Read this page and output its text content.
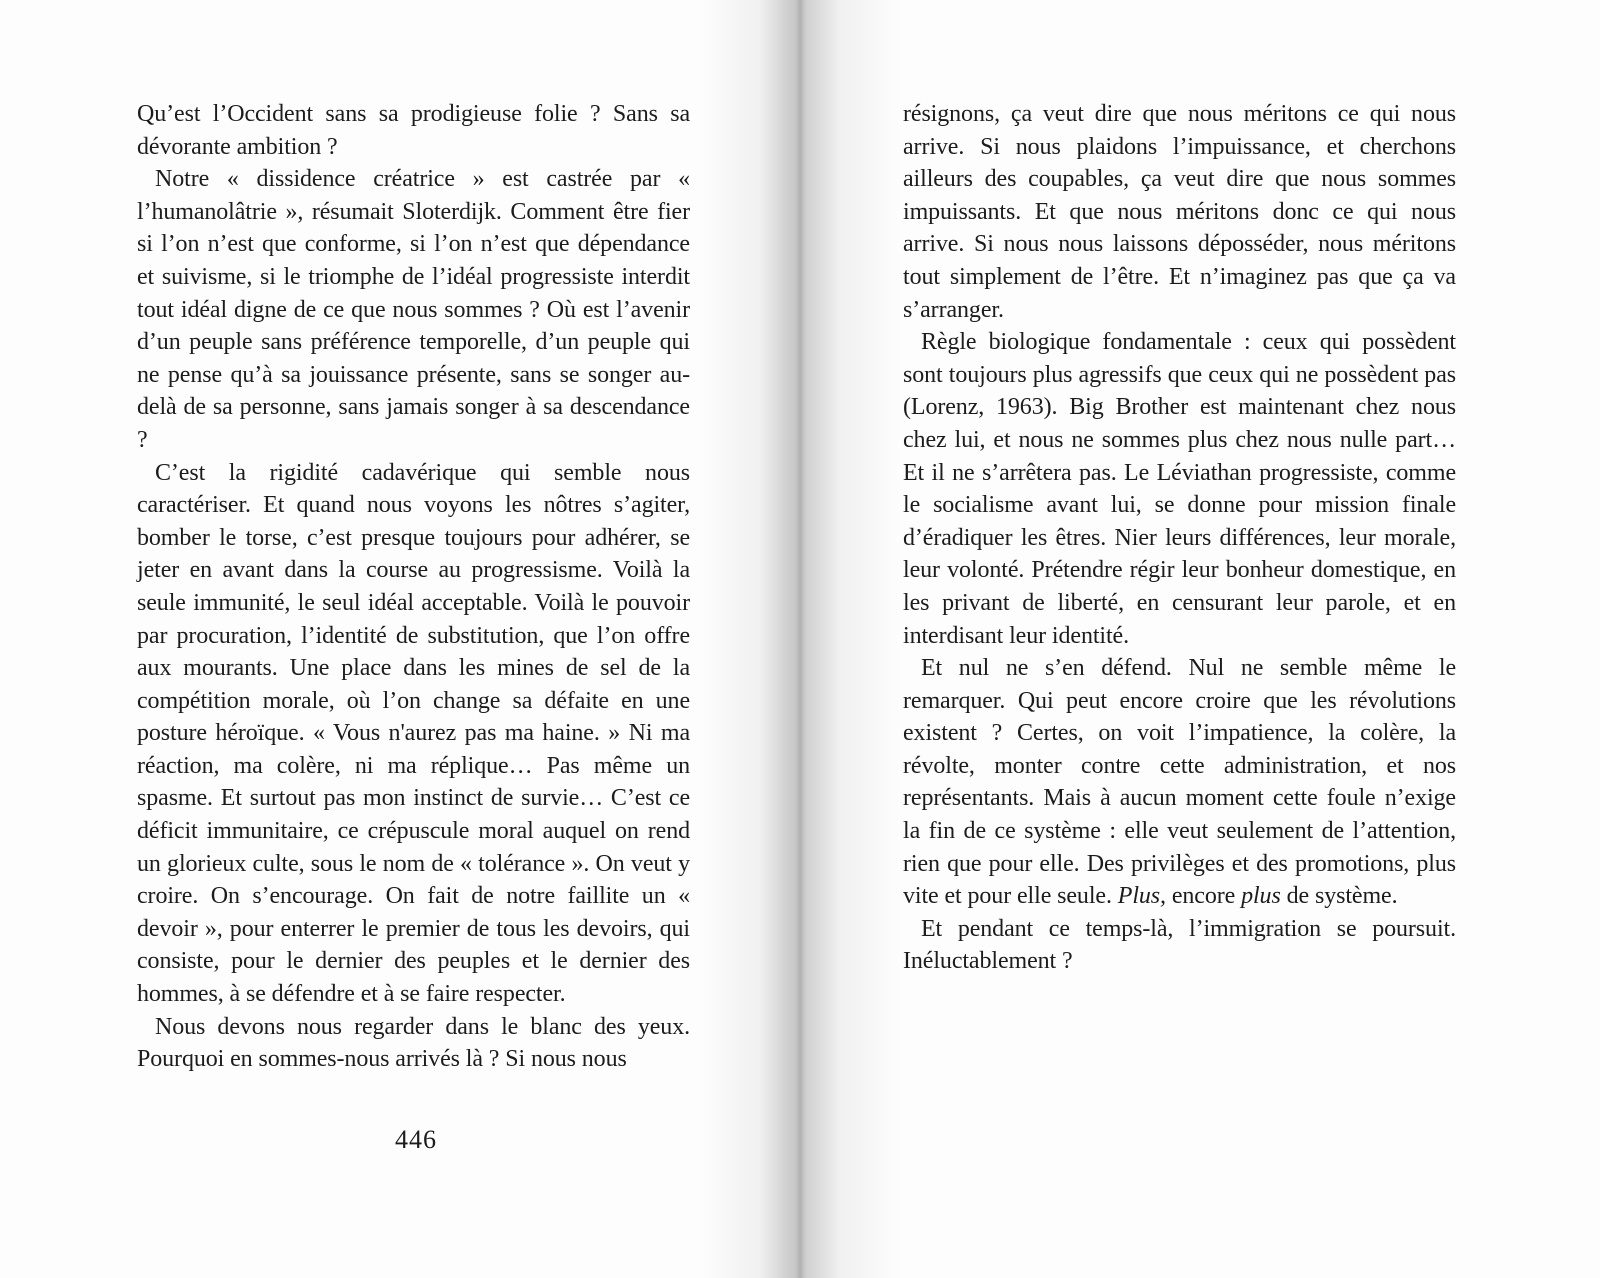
Qu’est l’Occident sans sa prodigieuse folie ? Sans sa dévorante ambition ?

Notre « dissidence créatrice » est castrée par « l’humanolâtrie », résumait Sloterdijk. Comment être fier si l’on n’est que conforme, si l’on n’est que dépendance et suivisme, si le triomphe de l’idéal progressiste interdit tout idéal digne de ce que nous sommes ? Où est l’avenir d’un peuple sans préférence temporelle, d’un peuple qui ne pense qu’à sa jouissance présente, sans se songer au-delà de sa personne, sans jamais songer à sa descendance ?

C’est la rigidité cadavérique qui semble nous caractériser. Et quand nous voyons les nôtres s’agiter, bomber le torse, c’est presque toujours pour adhérer, se jeter en avant dans la course au progressisme. Voilà la seule immunité, le seul idéal acceptable. Voilà le pouvoir par procuration, l’identité de substitution, que l’on offre aux mourants. Une place dans les mines de sel de la compétition morale, où l’on change sa défaite en une posture héroïque. « Vous n'aurez pas ma haine. » Ni ma réaction, ma colère, ni ma réplique… Pas même un spasme. Et surtout pas mon instinct de survie… C’est ce déficit immunitaire, ce crépuscule moral auquel on rend un glorieux culte, sous le nom de « tolérance ». On veut y croire. On s’encourage. On fait de notre faillite un « devoir », pour enterrer le premier de tous les devoirs, qui consiste, pour le dernier des peuples et le dernier des hommes, à se défendre et à se faire respecter.

Nous devons nous regarder dans le blanc des yeux. Pourquoi en sommes-nous arrivés là ? Si nous nous

446

résignons, ça veut dire que nous méritons ce qui nous arrive. Si nous plaidons l’impuissance, et cherchons ailleurs des coupables, ça veut dire que nous sommes impuissants. Et que nous méritons donc ce qui nous arrive. Si nous nous laissons déposséder, nous méritons tout simplement de l’être. Et n’imaginez pas que ça va s’arranger.

Règle biologique fondamentale : ceux qui possèdent sont toujours plus agressifs que ceux qui ne possèdent pas (Lorenz, 1963). Big Brother est maintenant chez nous chez lui, et nous ne sommes plus chez nous nulle part… Et il ne s’arrêtera pas. Le Léviathan progressiste, comme le socialisme avant lui, se donne pour mission finale d’éradiquer les êtres. Nier leurs différences, leur morale, leur volonté. Prétendre régir leur bonheur domestique, en les privant de liberté, en censurant leur parole, et en interdisant leur identité.

Et nul ne s’en défend. Nul ne semble même le remarquer. Qui peut encore croire que les révolutions existent ? Certes, on voit l’impatience, la colère, la révolte, monter contre cette administration, et nos représentants. Mais à aucun moment cette foule n’exige la fin de ce système : elle veut seulement de l’attention, rien que pour elle. Des privilèges et des promotions, plus vite et pour elle seule. Plus, encore plus de système.

Et pendant ce temps-là, l’immigration se poursuit. Inéluctablement ?
